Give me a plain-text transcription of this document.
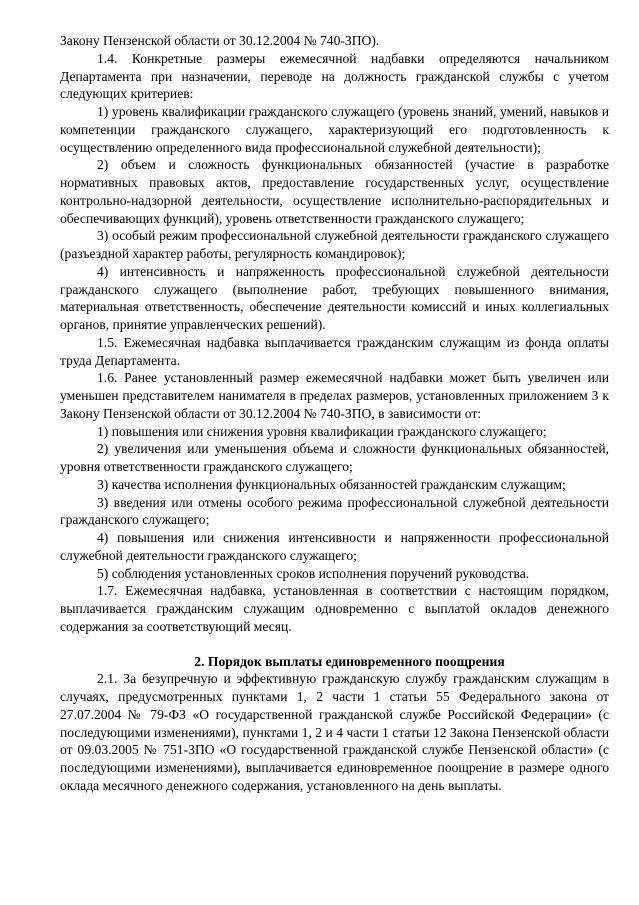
Закону Пензенской области от 30.12.2004 № 740-ЗПО).

1.4. Конкретные размеры ежемесячной надбавки определяются начальником Департамента при назначении, переводе на должность гражданской службы с учетом следующих критериев:

1) уровень квалификации гражданского служащего (уровень знаний, умений, навыков и компетенции гражданского служащего, характеризующий его подготовленность к осуществлению определенного вида профессиональной служебной деятельности);

2) объем и сложность функциональных обязанностей (участие в разработке нормативных правовых актов, предоставление государственных услуг, осуществление контрольно-надзорной деятельности, осуществление исполнительно-распорядительных и обеспечивающих функций), уровень ответственности гражданского служащего;

3) особый режим профессиональной служебной деятельности гражданского служащего (разъездной характер работы, регулярность командировок);

4) интенсивность и напряженность профессиональной служебной деятельности гражданского служащего (выполнение работ, требующих повышенного внимания, материальная ответственность, обеспечение деятельности комиссий и иных коллегиальных органов, принятие управленческих решений).

1.5. Ежемесячная надбавка выплачивается гражданским служащим из фонда оплаты труда Департамента.

1.6. Ранее установленный размер ежемесячной надбавки может быть увеличен или уменьшен представителем нанимателя в пределах размеров, установленных приложением 3 к Закону Пензенской области от 30.12.2004 № 740-ЗПО, в зависимости от:

1) повышения или снижения уровня квалификации гражданского служащего;

2) увеличения или уменьшения объема и сложности функциональных обязанностей, уровня ответственности гражданского служащего;

3) качества исполнения функциональных обязанностей гражданским служащим;

3) введения или отмены особого режима профессиональной служебной деятельности гражданского служащего;

4) повышения или снижения интенсивности и напряженности профессиональной служебной деятельности гражданского служащего;

5) соблюдения установленных сроков исполнения поручений руководства.

1.7. Ежемесячная надбавка, установленная в соответствии с настоящим порядком, выплачивается гражданским служащим одновременно с выплатой окладов денежного содержания за соответствующий месяц.

2. Порядок выплаты единовременного поощрения

2.1. За безупречную и эффективную гражданскую службу гражданским служащим в случаях, предусмотренных пунктами 1, 2 части 1 статьи 55 Федерального закона от 27.07.2004 № 79-ФЗ «О государственной гражданской службе Российской Федерации» (с последующими изменениями), пунктами 1, 2 и 4 части 1 статьи 12 Закона Пензенской области от 09.03.2005 № 751-ЗПО «О государственной гражданской службе Пензенской области» (с последующими изменениями), выплачивается единовременное поощрение в размере одного оклада месячного денежного содержания, установленного на день выплаты.
